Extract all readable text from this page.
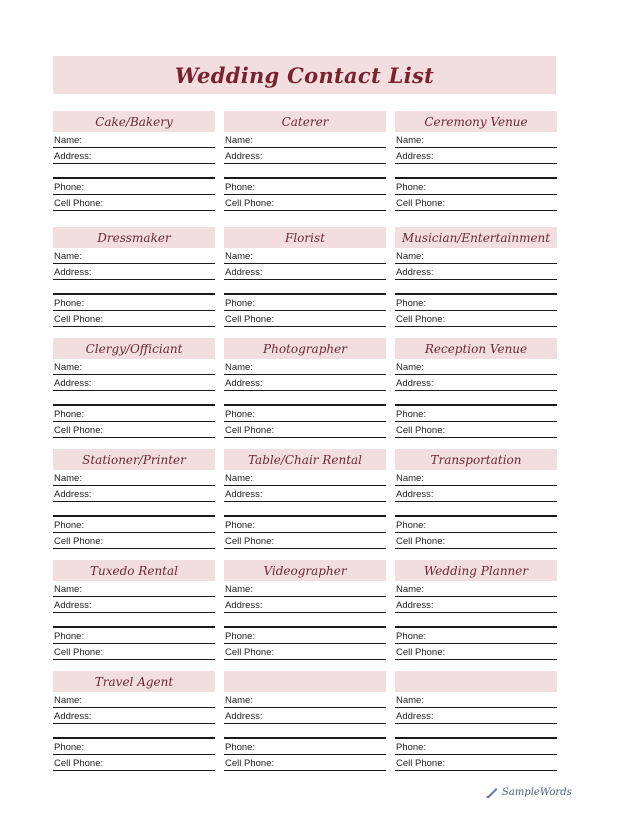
Wedding Contact List
Cake/Bakery
Name:
Address:
Phone:
Cell Phone:
Caterer
Name:
Address:
Phone:
Cell Phone:
Ceremony Venue
Name:
Address:
Phone:
Cell Phone:
Dressmaker
Name:
Address:
Phone:
Cell Phone:
Florist
Name:
Address:
Phone:
Cell Phone:
Musician/Entertainment
Name:
Address:
Phone:
Cell Phone:
Clergy/Officiant
Name:
Address:
Phone:
Cell Phone:
Photographer
Name:
Address:
Phone:
Cell Phone:
Reception Venue
Name:
Address:
Phone:
Cell Phone:
Stationer/Printer
Name:
Address:
Phone:
Cell Phone:
Table/Chair Rental
Name:
Address:
Phone:
Cell Phone:
Transportation
Name:
Address:
Phone:
Cell Phone:
Tuxedo Rental
Name:
Address:
Phone:
Cell Phone:
Videographer
Name:
Address:
Phone:
Cell Phone:
Wedding Planner
Name:
Address:
Phone:
Cell Phone:
Travel Agent
Name:
Address:
Phone:
Cell Phone:
Name:
Address:
Phone:
Cell Phone:
Name:
Address:
Phone:
Cell Phone:
SampleWords
